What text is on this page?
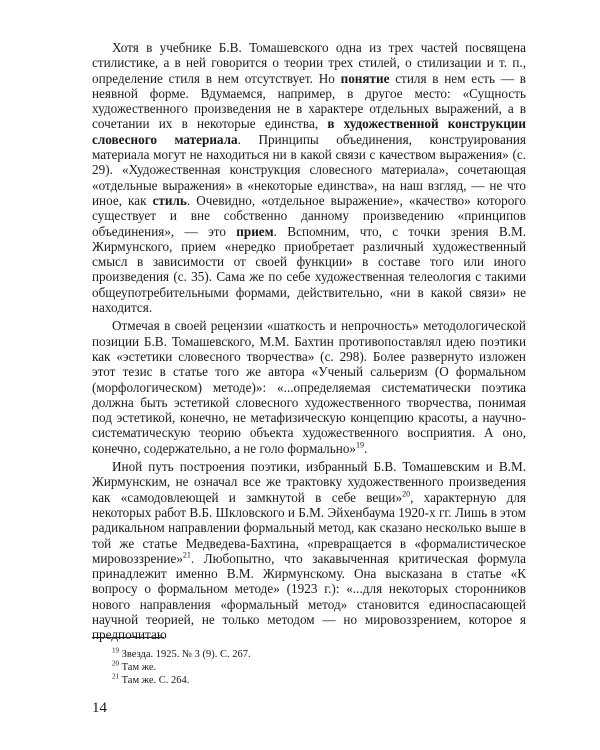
Хотя в учебнике Б.В. Томашевского одна из трех частей посвящена стилистике, а в ней говорится о теории трех стилей, о стилизации и т. п., определение стиля в нем отсутствует. Но понятие стиля в нем есть — в неявной форме. Вдумаемся, например, в другое место: «Сущность художественного произведения не в характере отдельных выражений, а в сочетании их в некоторые единства, в художественной конструкции словесного материала. Принципы объединения, конструирования материала могут не находиться ни в какой связи с качеством выражения» (с. 29). «Художественная конструкция словесного материала», сочетающая «отдельные выражения» в «некоторые единства», на наш взгляд, — не что иное, как стиль. Очевидно, «отдельное выражение», «качество» которого существует и вне собственно данному произведению «принципов объединения», — это прием. Вспомним, что, с точки зрения В.М. Жирмунского, прием «нередко приобретает различный художественный смысл в зависимости от своей функции» в составе того или иного произведения (с. 35). Сама же по себе художественная телеология с такими общеупотребительными формами, действительно, «ни в какой связи» не находится.

Отмечая в своей рецензии «шаткость и непрочность» методологической позиции Б.В. Томашевского, М.М. Бахтин противопоставлял идею поэтики как «эстетики словесного творчества» (с. 298). Более развернуто изложен этот тезис в статье того же автора «Ученый сальеризм (О формальном (морфологическом) методе)»: «...определяемая систематически поэтика должна быть эстетикой словесного художественного творчества, понимая под эстетикой, конечно, не метафизическую концепцию красоты, а научно-систематическую теорию объекта художественного восприятия. А оно, конечно, содержательно, а не голо формально»$^{19}$.

Иной путь построения поэтики, избранный Б.В. Томашевским и В.М. Жирмунским, не означал все же трактовку художественного произведения как «самодовлеющей и замкнутой в себе вещи»$^{20}$, характерную для некоторых работ В.Б. Шкловского и Б.М. Эйхенбаума 1920-х гг. Лишь в этом радикальном направлении формальный метод, как сказано несколько выше в той же статье Медведева-Бахтина, «превращается в «формалистическое мировоззрение»$^{21}$. Любопытно, что закавыченная критическая формула принадлежит именно В.М. Жирмунскому. Она высказана в статье «К вопросу о формальном методе» (1923 г.): «...для некоторых сторонников нового направления «формальный метод» становится единоспасающей научной теорией, не только методом — но мировоззрением, которое я предпочитаю

$^{19}$ Звезда. 1925. № 3 (9). С. 267.

$^{20}$ Там же.

$^{21}$ Там же. С. 264.

14
